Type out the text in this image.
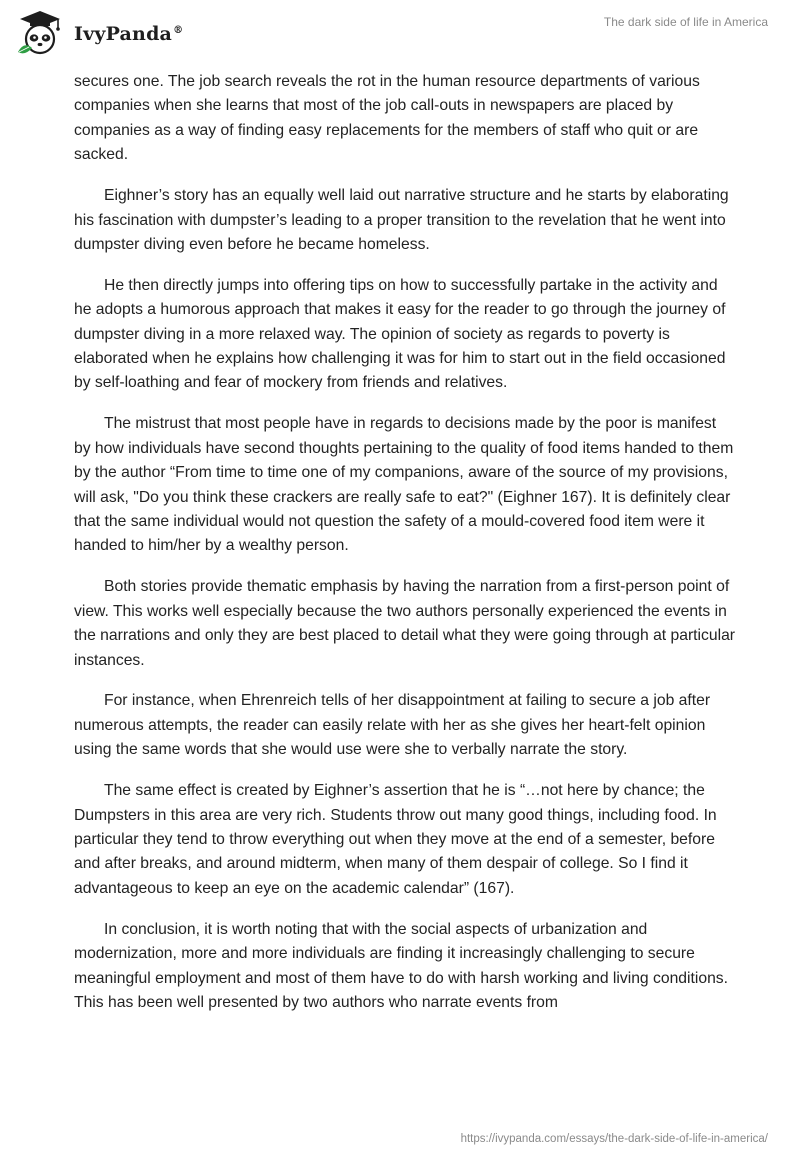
IvyPanda®
The dark side of life in America

secures one. The job search reveals the rot in the human resource departments of various companies when she learns that most of the job call-outs in newspapers are placed by companies as a way of finding easy replacements for the members of staff who quit or are sacked.

Eighner’s story has an equally well laid out narrative structure and he starts by elaborating his fascination with dumpster’s leading to a proper transition to the revelation that he went into dumpster diving even before he became homeless.

He then directly jumps into offering tips on how to successfully partake in the activity and he adopts a humorous approach that makes it easy for the reader to go through the journey of dumpster diving in a more relaxed way. The opinion of society as regards to poverty is elaborated when he explains how challenging it was for him to start out in the field occasioned by self-loathing and fear of mockery from friends and relatives.

The mistrust that most people have in regards to decisions made by the poor is manifest by how individuals have second thoughts pertaining to the quality of food items handed to them by the author “From time to time one of my companions, aware of the source of my provisions, will ask, "Do you think these crackers are really safe to eat?" (Eighner 167). It is definitely clear that the same individual would not question the safety of a mould-covered food item were it handed to him/her by a wealthy person.

Both stories provide thematic emphasis by having the narration from a first-person point of view. This works well especially because the two authors personally experienced the events in the narrations and only they are best placed to detail what they were going through at particular instances.

For instance, when Ehrenreich tells of her disappointment at failing to secure a job after numerous attempts, the reader can easily relate with her as she gives her heart-felt opinion using the same words that she would use were she to verbally narrate the story.

The same effect is created by Eighner’s assertion that he is “…not here by chance; the Dumpsters in this area are very rich. Students throw out many good things, including food. In particular they tend to throw everything out when they move at the end of a semester, before and after breaks, and around midterm, when many of them despair of college. So I find it advantageous to keep an eye on the academic calendar” (167).

In conclusion, it is worth noting that with the social aspects of urbanization and modernization, more and more individuals are finding it increasingly challenging to secure meaningful employment and most of them have to do with harsh working and living conditions. This has been well presented by two authors who narrate events from

https://ivypanda.com/essays/the-dark-side-of-life-in-america/
